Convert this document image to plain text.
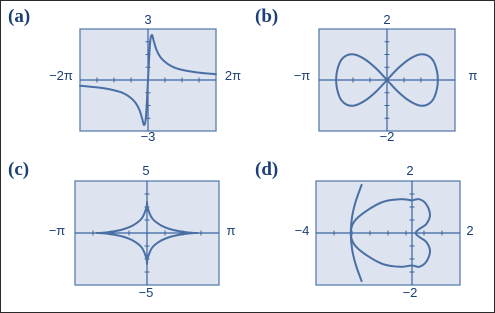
(a)	3
−3
−2π	2π
(b)	2
−2
−π	π
(c)	5
−5
−π	π
(d)	2
−2
−4	2
